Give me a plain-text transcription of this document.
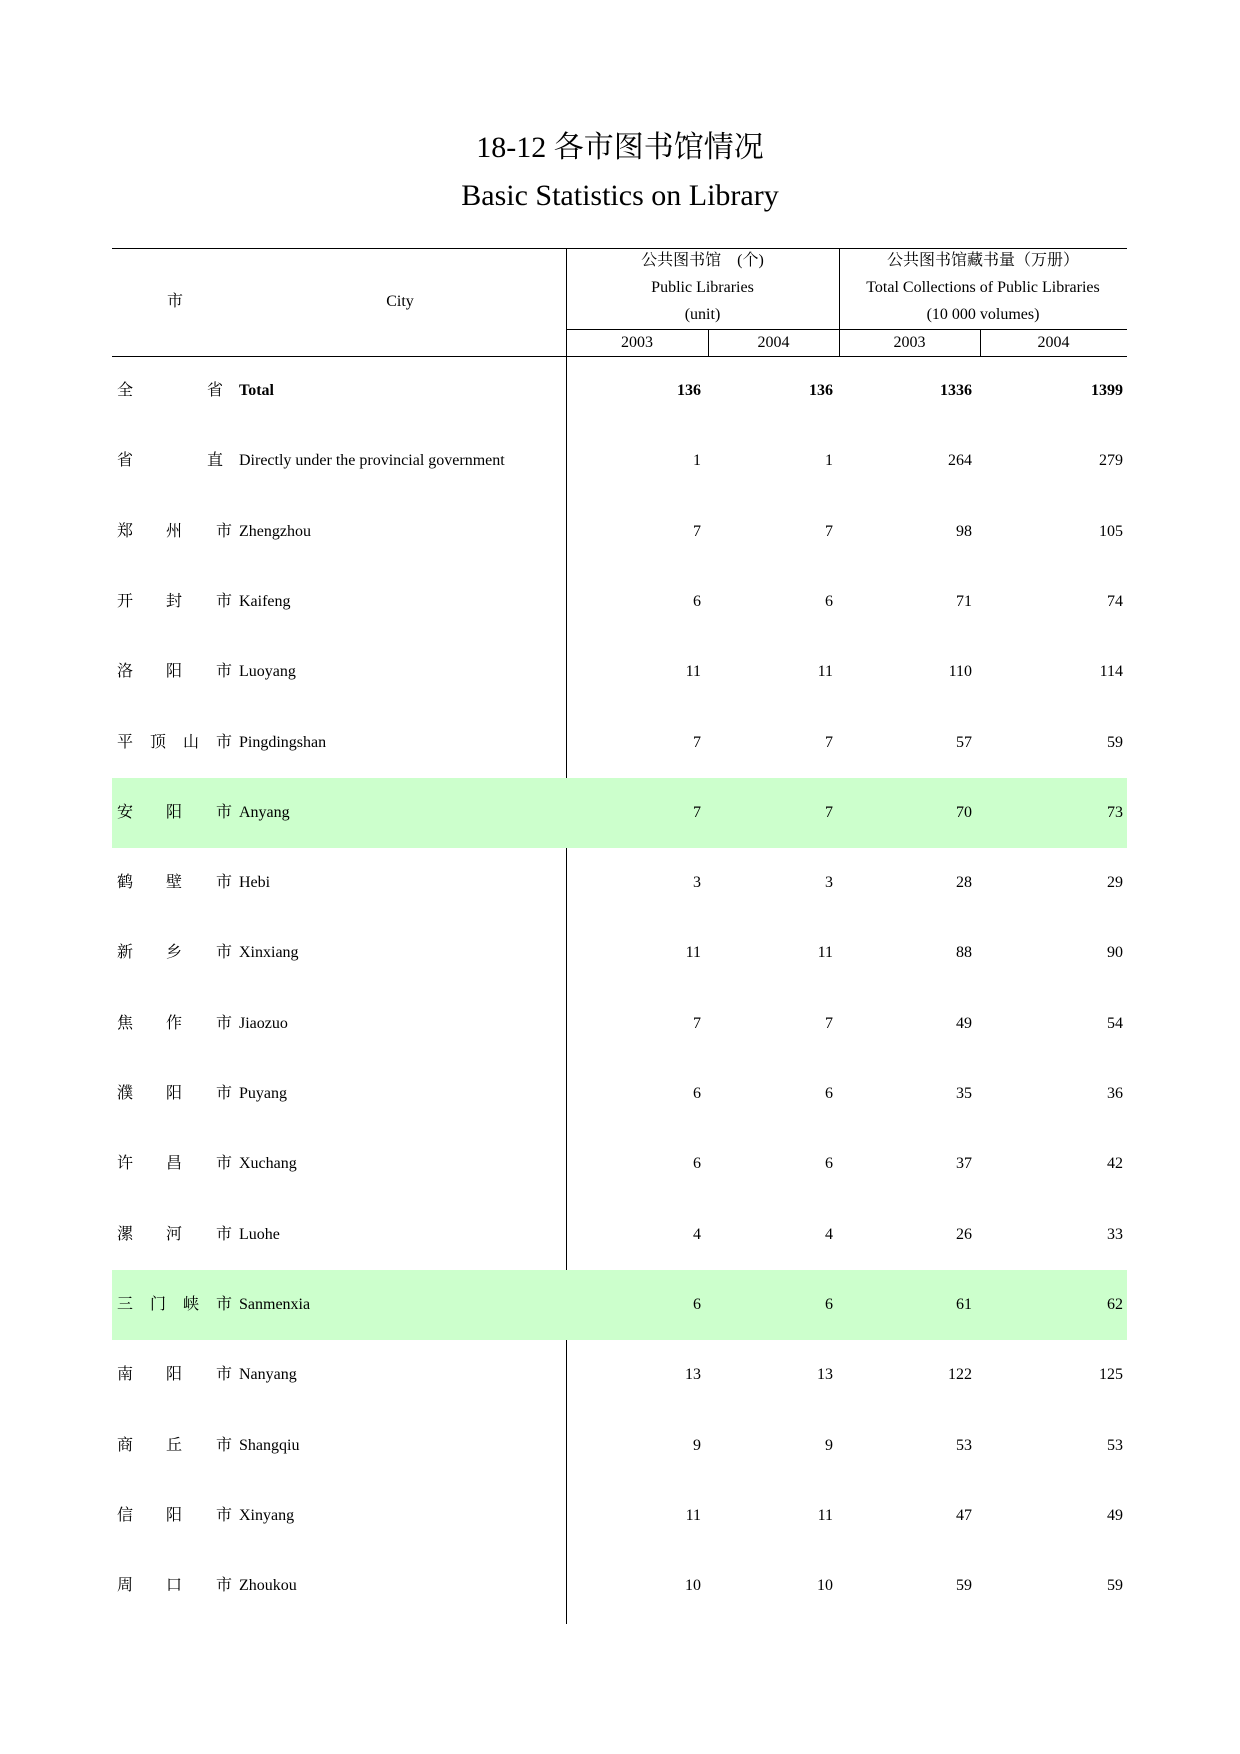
18-12 各市图书馆情况
Basic Statistics on Library
市	City
公共图书馆　(个)
Public Libraries
(unit)
公共图书馆藏书量（万册）
Total Collections of Public Libraries
(10 000 volumes)
2003	2004	2003	2004
全	省 Total	136	136	1336	1399
省	直 Directly under the provincial government	1	1	264	279
郑 州 市 Zhengzhou	7	7	98	105
开 封 市 Kaifeng	6	6	71	74
洛 阳 市 Luoyang	11	11	110	114
平 顶 山 市 Pingdingshan	7	7	57	59
安 阳 市 Anyang	7	7	70	73
鹤 壁 市 Hebi	3	3	28	29
新 乡 市 Xinxiang	11	11	88	90
焦 作 市 Jiaozuo	7	7	49	54
濮 阳 市 Puyang	6	6	35	36
许 昌 市 Xuchang	6	6	37	42
漯 河 市 Luohe	4	4	26	33
三 门 峡 市 Sanmenxia	6	6	61	62
南 阳 市 Nanyang	13	13	122	125
商 丘 市 Shangqiu	9	9	53	53
信 阳 市 Xinyang	11	11	47	49
周 口 市 Zhoukou	10	10	59	59
